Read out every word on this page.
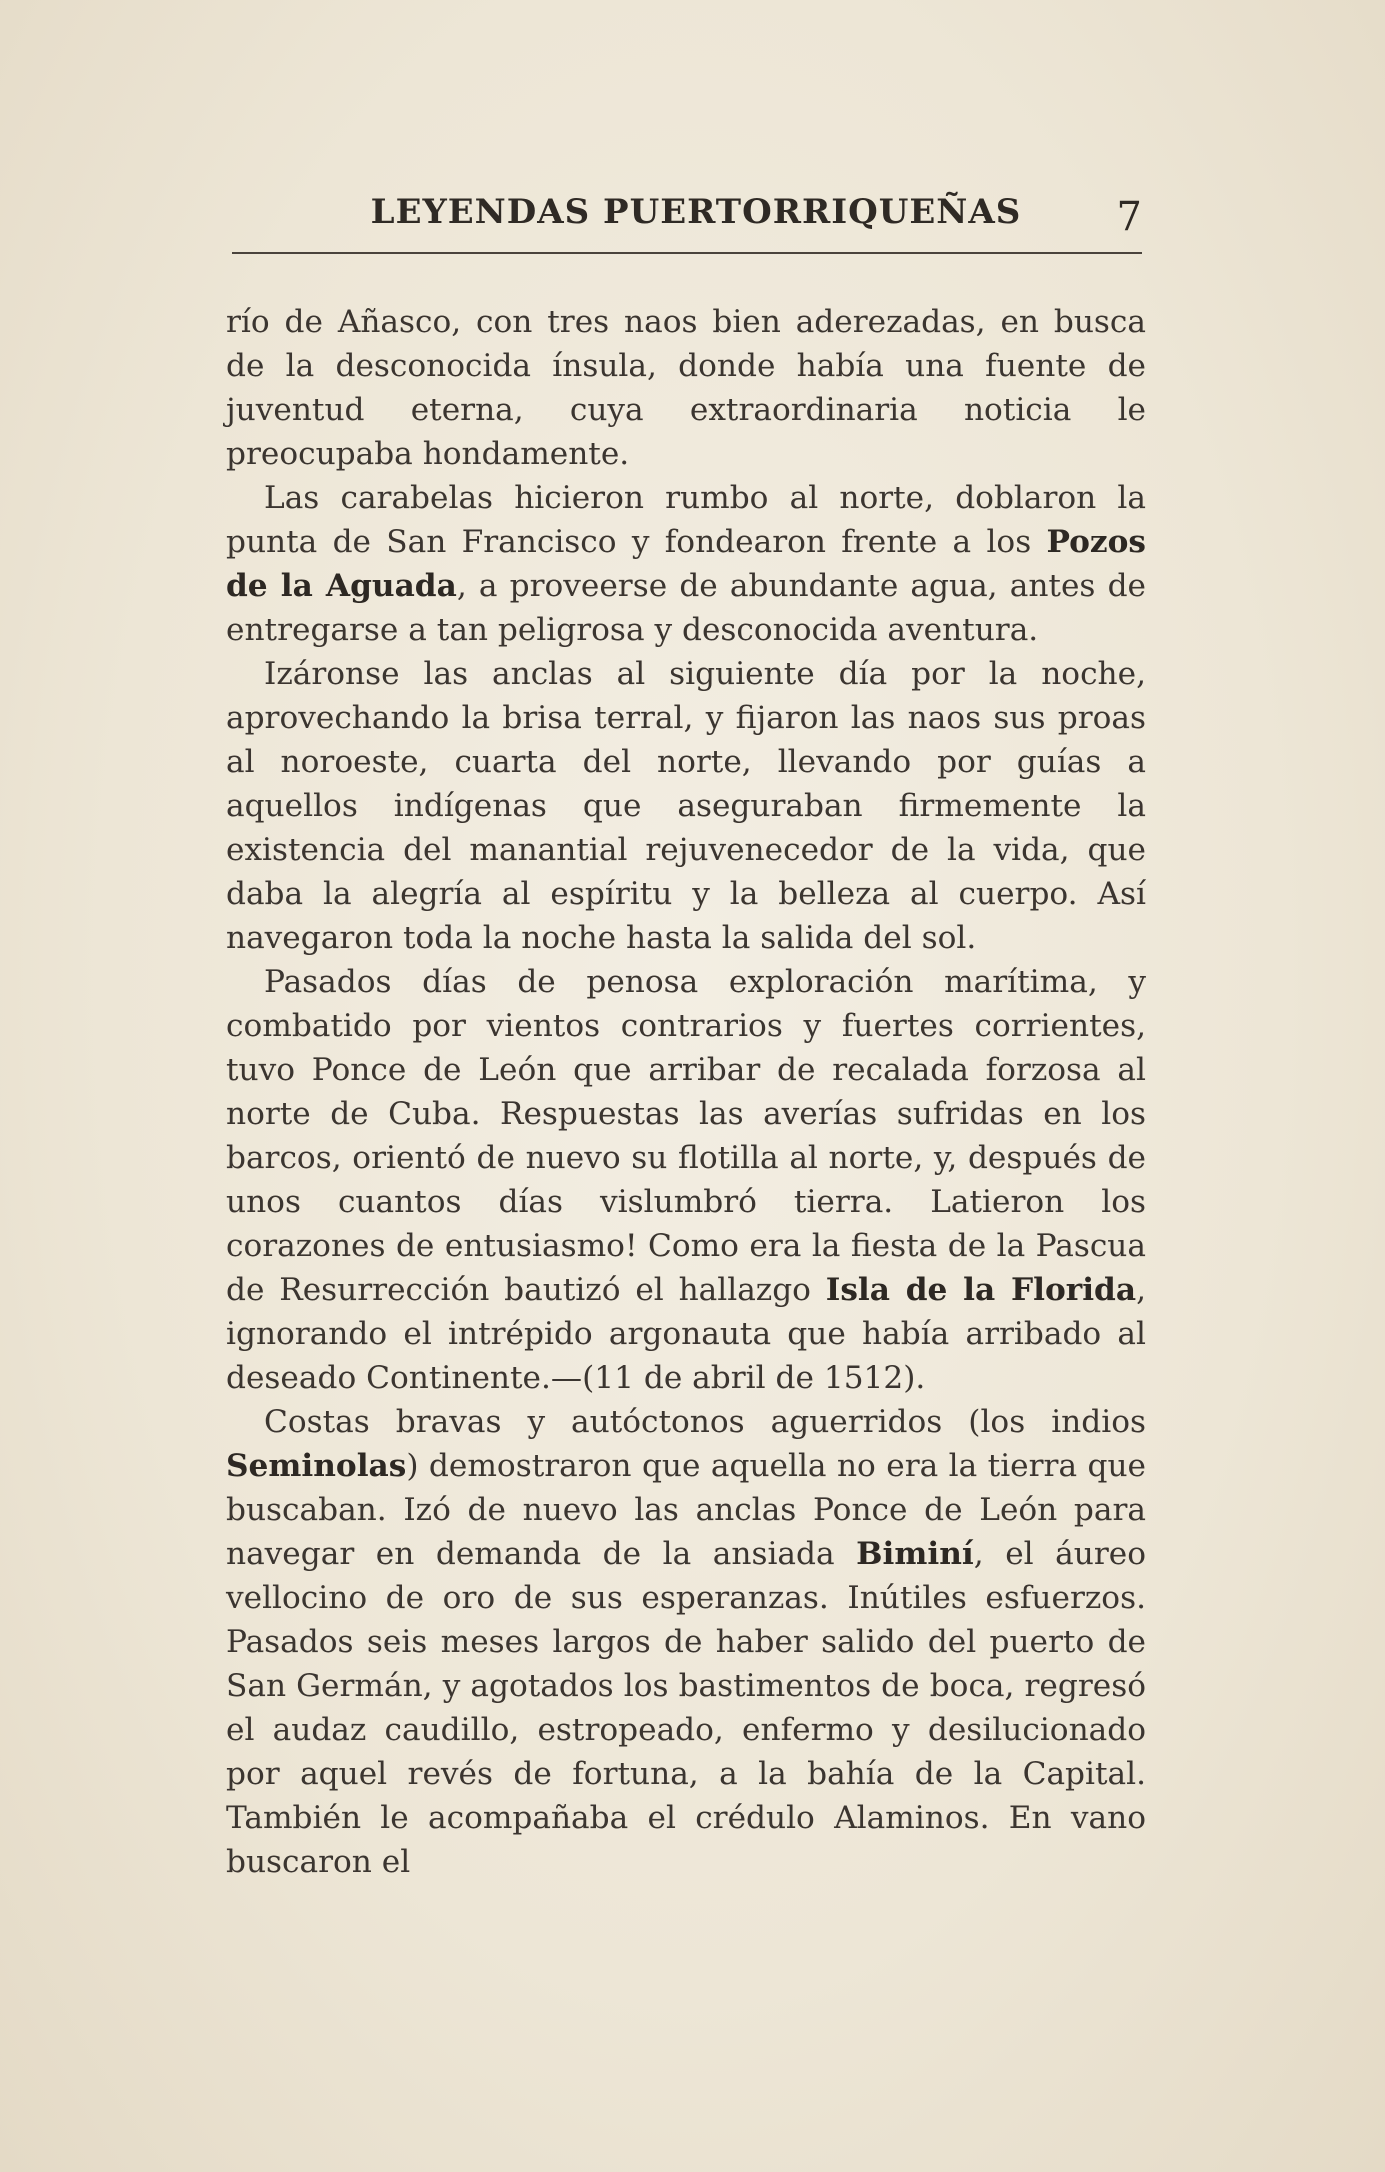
LEYENDAS PUERTORRIQUEÑAS	7

río de Añasco, con tres naos bien aderezadas, en busca de la desconocida ínsula, donde había una fuente de juventud eterna, cuya extraordinaria noticia le preocupaba hondamente.

Las carabelas hicieron rumbo al norte, doblaron la punta de San Francisco y fondearon frente a los Pozos de la Aguada, a proveerse de abundante agua, antes de entregarse a tan peligrosa y desconocida aventura.

Izáronse las anclas al siguiente día por la noche, aprovechando la brisa terral, y fijaron las naos sus proas al noroeste, cuarta del norte, llevando por guías a aquellos indígenas que aseguraban firmemente la existencia del manantial rejuvenecedor de la vida, que daba la alegría al espíritu y la belleza al cuerpo. Así navegaron toda la noche hasta la salida del sol.

Pasados días de penosa exploración marítima, y combatido por vientos contrarios y fuertes corrientes, tuvo Ponce de León que arribar de recalada forzosa al norte de Cuba. Respuestas las averías sufridas en los barcos, orientó de nuevo su flotilla al norte, y, después de unos cuantos días vislumbró tierra. Latieron los corazones de entusiasmo! Como era la fiesta de la Pascua de Resurrección bautizó el hallazgo Isla de la Florida, ignorando el intrépido argonauta que había arribado al deseado Continente.—(11 de abril de 1512).

Costas bravas y autóctonos aguerridos (los indios Seminolas) demostraron que aquella no era la tierra que buscaban. Izó de nuevo las anclas Ponce de León para navegar en demanda de la ansiada Biminí, el áureo vellocino de oro de sus esperanzas. Inútiles esfuerzos. Pasados seis meses largos de haber salido del puerto de San Germán, y agotados los bastimentos de boca, regresó el audaz caudillo, estropeado, enfermo y desilucionado por aquel revés de fortuna, a la bahía de la Capital. También le acompañaba el crédulo Alaminos. En vano buscaron el
